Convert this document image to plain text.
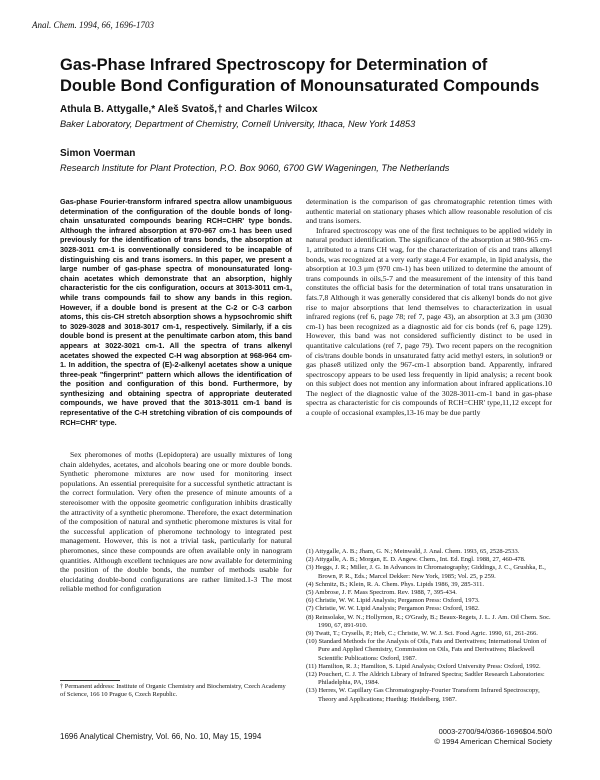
Anal. Chem. 1994, 66, 1696-1703
Gas-Phase Infrared Spectroscopy for Determination of
Double Bond Configuration of Monounsaturated Compounds
Athula B. Attygalle,* Aleš Svatoš,† and Charles Wilcox
Baker Laboratory, Department of Chemistry, Cornell University, Ithaca, New York 14853
Simon Voerman
Research Institute for Plant Protection, P.O. Box 9060, 6700 GW Wageningen, The Netherlands

Gas-phase Fourier-transform infrared spectra allow unambiguous determination of the configuration of the double bonds of long-chain unsaturated compounds bearing RCH=CHR' type bonds. Although the infrared absorption at 970-967 cm-1 has been used previously for the identification of trans bonds, the absorption at 3028-3011 cm-1 is conventionally considered to be incapable of distinguishing cis and trans isomers. In this paper, we present a large number of gas-phase spectra of monounsaturated long-chain acetates which demonstrate that an absorption, highly characteristic for the cis configuration, occurs at 3013-3011 cm-1, while trans compounds fail to show any bands in this region. However, if a double bond is present at the C-2 or C-3 carbon atoms, this cis-CH stretch absorption shows a hypsochromic shift to 3029-3028 and 3018-3017 cm-1, respectively. Similarly, if a cis double bond is present at the penultimate carbon atom, this band appears at 3022-3021 cm-1. All the spectra of trans alkenyl acetates showed the expected C-H wag absorption at 968-964 cm-1. In addition, the spectra of (E)-2-alkenyl acetates show a unique three-peak "fingerprint" pattern which allows the identification of the position and configuration of this bond. Furthermore, by synthesizing and obtaining spectra of appropriate deuterated compounds, we have proved that the 3013-3011 cm-1 band is representative of the C-H stretching vibration of cis compounds of RCH=CHR' type.

Sex pheromones of moths (Lepidoptera) are usually mixtures of long chain aldehydes, acetates, and alcohols bearing one or more double bonds. Synthetic pheromone mixtures are now used for monitoring insect populations. An essential prerequisite for a successful synthetic attractant is the correct formulation. Very often the presence of minute amounts of a stereoisomer with the opposite geometric configuration inhibits drastically the attractivity of a synthetic pheromone. Therefore, the exact determination of the composition of natural and synthetic pheromone mixtures is vital for the successful application of pheromone technology to integrated pest management. However, this is not a trivial task, particularly for natural pheromones, since these compounds are often available only in nanogram quantities. Although excellent techniques are now available for determining the position of the double bonds, the number of methods usable for elucidating double-bond configurations are rather limited.1-3 The most reliable method for configuration

† Permanent address: Institute of Organic Chemistry and Biochemistry, Czech Academy of Science, 166 10 Prague 6, Czech Republic.

determination is the comparison of gas chromatographic retention times with authentic material on stationary phases which allow reasonable resolution of cis and trans isomers.

Infrared spectroscopy was one of the first techniques to be applied widely in natural product identification. The significance of the absorption at 980-965 cm-1, attributed to a trans CH wag, for the characterization of cis and trans alkenyl bonds, was recognized at a very early stage.4 For example, in lipid analysis, the absorption at 10.3 μm (970 cm-1) has been utilized to determine the amount of trans compounds in oils,5-7 and the measurement of the intensity of this band constitutes the official basis for the determination of total trans unsaturation in fats.7,8 Although it was generally considered that cis alkenyl bonds do not give rise to major absorptions that lend themselves to characterization in usual infrared regions (ref 6, page 78; ref 7, page 43), an absorption at 3.3 μm (3030 cm-1) has been recognized as a diagnostic aid for cis bonds (ref 6, page 129). However, this band was not considered sufficiently distinct to be used in quantitative calculations (ref 7, page 79). Two recent papers on the recognition of cis/trans double bonds in unsaturated fatty acid methyl esters, in solution9 or gas phase8 utilized only the 967-cm-1 absorption band. Apparently, infrared spectroscopy appears to be used less frequently in lipid analysis; a recent book on this subject does not mention any information about infrared applications.10 The neglect of the diagnostic value of the 3028-3011-cm-1 band in gas-phase spectra as characteristic for cis compounds of RCH=CHR' type,11,12 except for a couple of occasional examples,13-16 may be due partly

(1) Attygalle, A. B.; Jham, G. N.; Meinwald, J. Anal. Chem. 1993, 65, 2528-2533.
(2) Attygalle, A. B.; Morgan, E. D. Angew. Chem., Int. Ed. Engl. 1988, 27, 460-478.
(3) Heggs, J. R.; Miller, J. G. In Advances in Chromatography; Giddings, J. C., Grushka, E., Brown, P. R., Eds.; Marcel Dekker: New York, 1985; Vol. 25, p 259.
(4) Schmitz, B.; Klein, R. A. Chem. Phys. Lipids 1986, 39, 285-311.
(5) Ambrose, J. F. Mass Spectrom. Rev. 1988, 7, 395-434.
(6) Christie, W. W. Lipid Analysis; Pergamon Press: Oxford, 1973.
(7) Christie, W. W. Lipid Analysis; Pergamon Press: Oxford, 1982.
(8) Reinsolake, W. N.; Hollyrnon, R.; O'Grady, B.; Beaux-Regets, J. L. J. Am. Oil Chem. Soc. 1990, 67, 891-910.
(9) Twatt, T.; Crysells, P.; Heb, C.; Christie, W. W. J. Sci. Food Agric. 1990, 61, 261-266.
(10) Standard Methods for the Analysis of Oils, Fats and Derivatives; International Union of Pure and Applied Chemistry, Commission on Oils, Fats and Derivatives; Blackwell Scientific Publications: Oxford, 1987.
(11) Hamilton, R. J.; Hamilton, S. Lipid Analysis; Oxford University Press: Oxford, 1992.
(12) Pouchert, C. J. The Aldrich Library of Infrared Spectra; Sadtler Research Laboratories: Philadelphia, PA, 1984.
(13) Herres, W. Capillary Gas Chromatography-Fourier Transform Infrared Spectroscopy, Theory and Applications; Huethig: Heidelberg, 1987.
1696 Analytical Chemistry, Vol. 66, No. 10, May 15, 1994
0003-2700/94/0366-1696$04.50/0
© 1994 American Chemical Society
